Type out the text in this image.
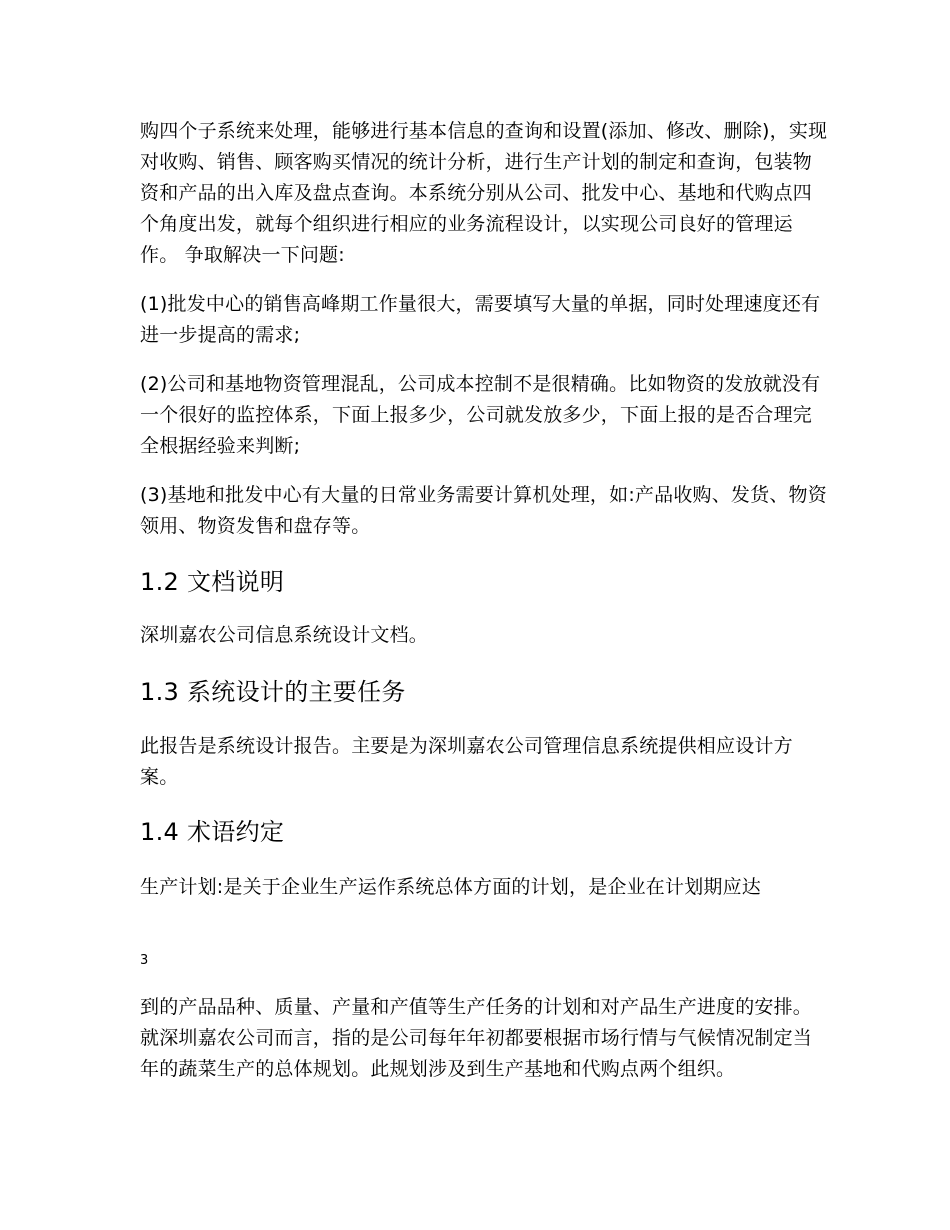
购四个子系统来处理，能够进行基本信息的查询和设置(添加、修改、删除)，实现对收购、销售、顾客购买情况的统计分析，进行生产计划的制定和查询，包装物资和产品的出入库及盘点查询。本系统分别从公司、批发中心、基地和代购点四个角度出发，就每个组织进行相应的业务流程设计，以实现公司良好的管理运作。 争取解决一下问题:

(1)批发中心的销售高峰期工作量很大，需要填写大量的单据，同时处理速度还有进一步提高的需求;

(2)公司和基地物资管理混乱，公司成本控制不是很精确。比如物资的发放就没有一个很好的监控体系，下面上报多少，公司就发放多少，下面上报的是否合理完全根据经验来判断;

(3)基地和批发中心有大量的日常业务需要计算机处理，如:产品收购、发货、物资领用、物资发售和盘存等。

1.2 文档说明

深圳嘉农公司信息系统设计文档。

1.3 系统设计的主要任务

此报告是系统设计报告。主要是为深圳嘉农公司管理信息系统提供相应设计方案。

1.4 术语约定

生产计划:是关于企业生产运作系统总体方面的计划，是企业在计划期应达

3

到的产品品种、质量、产量和产值等生产任务的计划和对产品生产进度的安排。就深圳嘉农公司而言，指的是公司每年年初都要根据市场行情与气候情况制定当年的蔬菜生产的总体规划。此规划涉及到生产基地和代购点两个组织。
